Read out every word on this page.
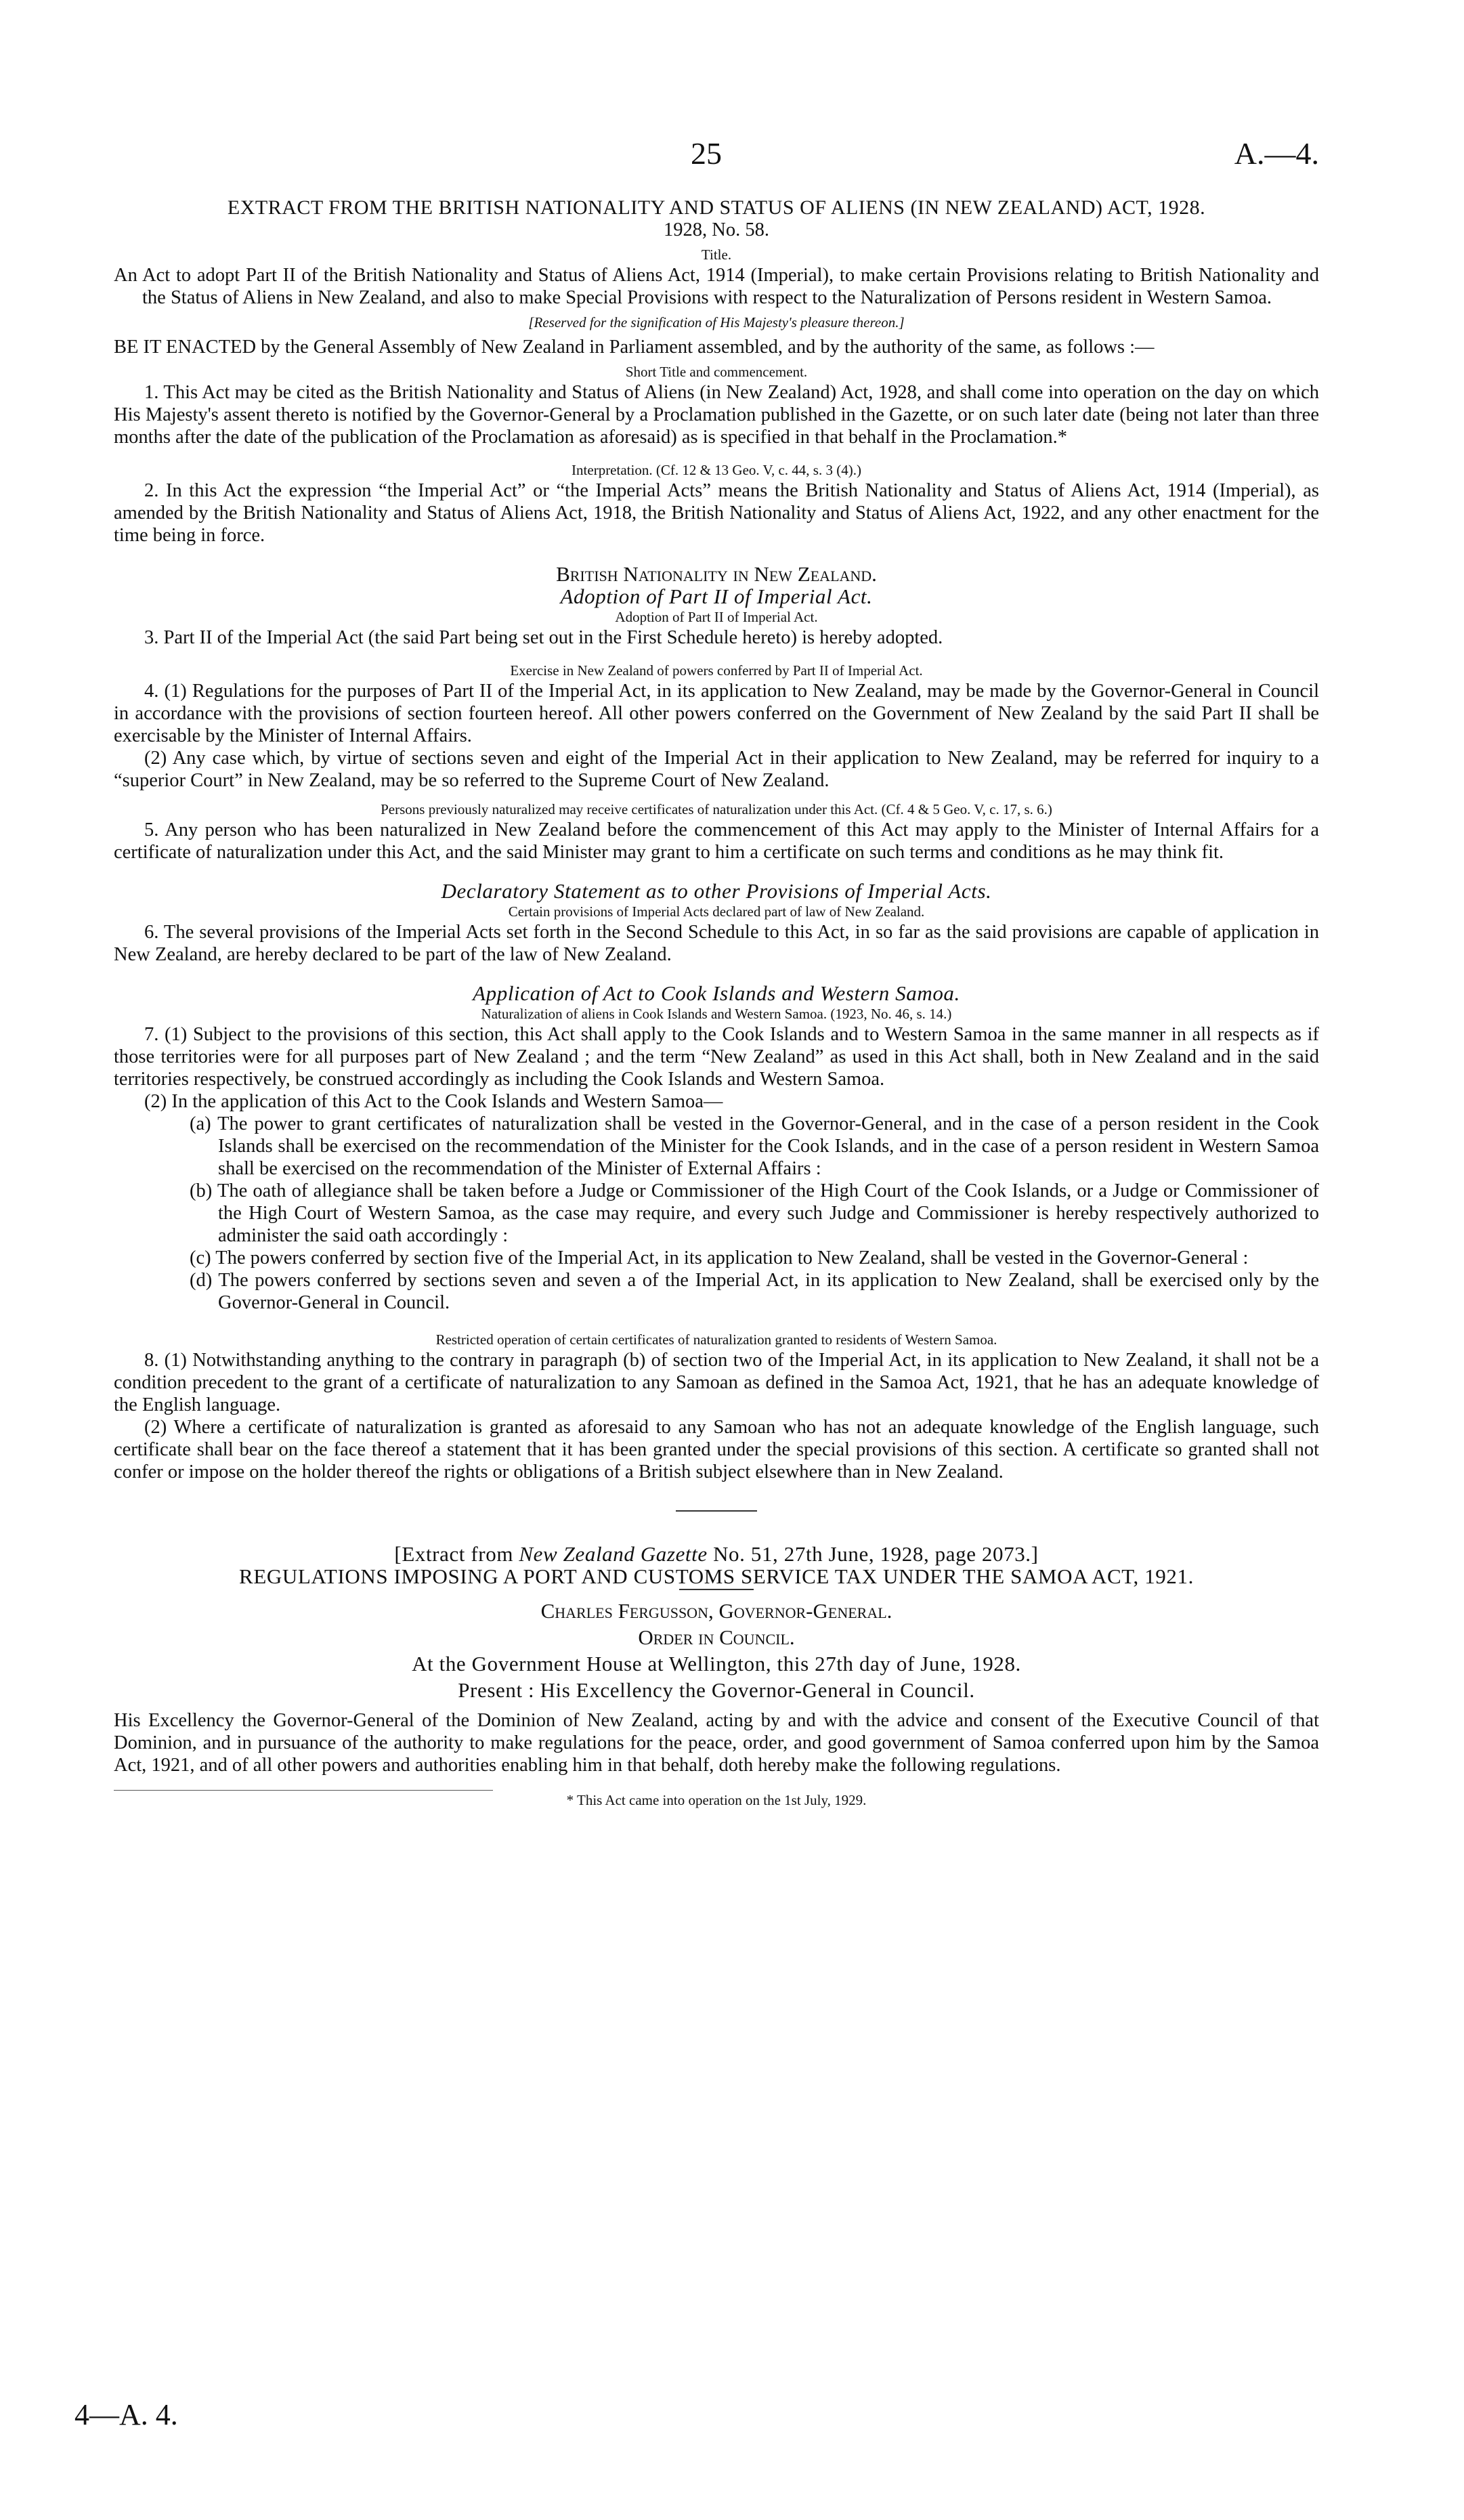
25	A.—4.

EXTRACT FROM THE BRITISH NATIONALITY AND STATUS OF ALIENS (IN NEW ZEALAND) ACT, 1928.

1928, No. 58.

Title.

An Act to adopt Part II of the British Nationality and Status of Aliens Act, 1914 (Imperial), to make certain Provisions relating to British Nationality and the Status of Aliens in New Zealand, and also to make Special Provisions with respect to the Naturalization of Persons resident in Western Samoa.

[Reserved for the signification of His Majesty's pleasure thereon.]

BE IT ENACTED by the General Assembly of New Zealand in Parliament assembled, and by the authority of the same, as follows :—

Short Title and commencement.

1. This Act may be cited as the British Nationality and Status of Aliens (in New Zealand) Act, 1928, and shall come into operation on the day on which His Majesty's assent thereto is notified by the Governor-General by a Proclamation published in the Gazette, or on such later date (being not later than three months after the date of the publication of the Proclamation as aforesaid) as is specified in that behalf in the Proclamation.*

Interpretation. (Cf. 12 & 13 Geo. V, c. 44, s. 3 (4).)

2. In this Act the expression “the Imperial Act” or “the Imperial Acts” means the British Nationality and Status of Aliens Act, 1914 (Imperial), as amended by the British Nationality and Status of Aliens Act, 1918, the British Nationality and Status of Aliens Act, 1922, and any other enactment for the time being in force.

British Nationality in New Zealand.

Adoption of Part II of Imperial Act.

Adoption of Part II of Imperial Act.

3. Part II of the Imperial Act (the said Part being set out in the First Schedule hereto) is hereby adopted.

Exercise in New Zealand of powers conferred by Part II of Imperial Act.

4. (1) Regulations for the purposes of Part II of the Imperial Act, in its application to New Zealand, may be made by the Governor-General in Council in accordance with the provisions of section fourteen hereof. All other powers conferred on the Government of New Zealand by the said Part II shall be exercisable by the Minister of Internal Affairs.

(2) Any case which, by virtue of sections seven and eight of the Imperial Act in their application to New Zealand, may be referred for inquiry to a “superior Court” in New Zealand, may be so referred to the Supreme Court of New Zealand.

Persons previously naturalized may receive certificates of naturalization under this Act. (Cf. 4 & 5 Geo. V, c. 17, s. 6.)

5. Any person who has been naturalized in New Zealand before the commencement of this Act may apply to the Minister of Internal Affairs for a certificate of naturalization under this Act, and the said Minister may grant to him a certificate on such terms and conditions as he may think fit.

Declaratory Statement as to other Provisions of Imperial Acts.

Certain provisions of Imperial Acts declared part of law of New Zealand.

6. The several provisions of the Imperial Acts set forth in the Second Schedule to this Act, in so far as the said provisions are capable of application in New Zealand, are hereby declared to be part of the law of New Zealand.

Application of Act to Cook Islands and Western Samoa.

Naturalization of aliens in Cook Islands and Western Samoa. (1923, No. 46, s. 14.)

7. (1) Subject to the provisions of this section, this Act shall apply to the Cook Islands and to Western Samoa in the same manner in all respects as if those territories were for all purposes part of New Zealand ; and the term “New Zealand” as used in this Act shall, both in New Zealand and in the said territories respectively, be construed accordingly as including the Cook Islands and Western Samoa.

(2) In the application of this Act to the Cook Islands and Western Samoa—

(a) The power to grant certificates of naturalization shall be vested in the Governor-General, and in the case of a person resident in the Cook Islands shall be exercised on the recommendation of the Minister for the Cook Islands, and in the case of a person resident in Western Samoa shall be exercised on the recommendation of the Minister of External Affairs :

(b) The oath of allegiance shall be taken before a Judge or Commissioner of the High Court of the Cook Islands, or a Judge or Commissioner of the High Court of Western Samoa, as the case may require, and every such Judge and Commissioner is hereby respectively authorized to administer the said oath accordingly :

(c) The powers conferred by section five of the Imperial Act, in its application to New Zealand, shall be vested in the Governor-General :

(d) The powers conferred by sections seven and seven a of the Imperial Act, in its application to New Zealand, shall be exercised only by the Governor-General in Council.

Restricted operation of certain certificates of naturalization granted to residents of Western Samoa.

8. (1) Notwithstanding anything to the contrary in paragraph (b) of section two of the Imperial Act, in its application to New Zealand, it shall not be a condition precedent to the grant of a certificate of naturalization to any Samoan as defined in the Samoa Act, 1921, that he has an adequate knowledge of the English language.

(2) Where a certificate of naturalization is granted as aforesaid to any Samoan who has not an adequate knowledge of the English language, such certificate shall bear on the face thereof a statement that it has been granted under the special provisions of this section. A certificate so granted shall not confer or impose on the holder thereof the rights or obligations of a British subject elsewhere than in New Zealand.

[Extract from New Zealand Gazette No. 51, 27th June, 1928, page 2073.]

REGULATIONS IMPOSING A PORT AND CUSTOMS SERVICE TAX UNDER THE SAMOA ACT, 1921.

Charles Fergusson, Governor-General.

Order in Council.

At the Government House at Wellington, this 27th day of June, 1928.

Present : His Excellency the Governor-General in Council.

His Excellency the Governor-General of the Dominion of New Zealand, acting by and with the advice and consent of the Executive Council of that Dominion, and in pursuance of the authority to make regulations for the peace, order, and good government of Samoa conferred upon him by the Samoa Act, 1921, and of all other powers and authorities enabling him in that behalf, doth hereby make the following regulations.

* This Act came into operation on the 1st July, 1929.

4—A. 4.
